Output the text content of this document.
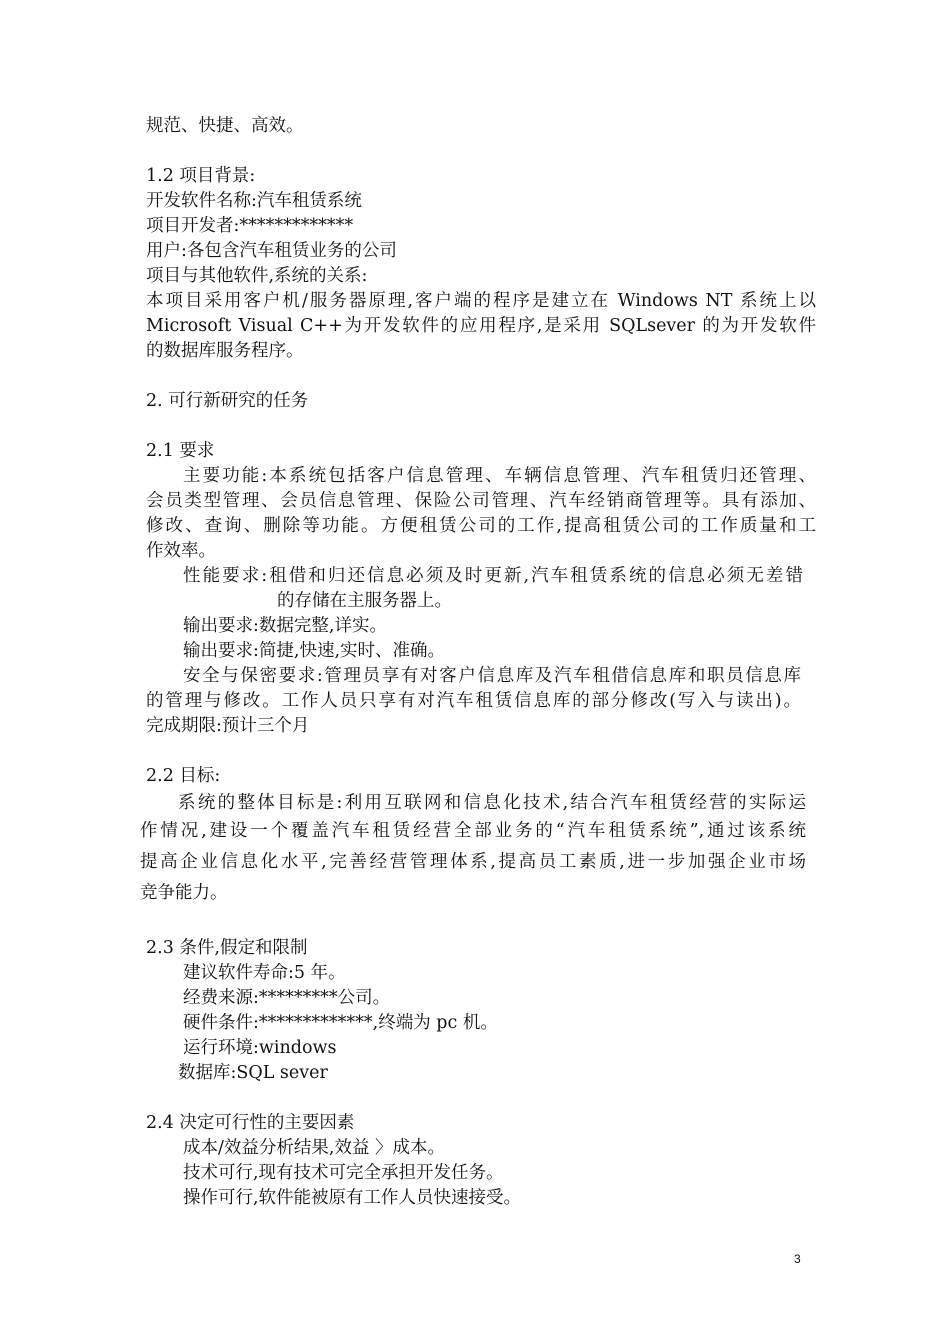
规范、快捷、高效。
1.2 项目背景:
开发软件名称:汽车租赁系统
项目开发者:*************
用户:各包含汽车租赁业务的公司
项目与其他软件,系统的关系:
本项目采用客户机/服务器原理,客户端的程序是建立在 Windows NT 系统上以
Microsoft Visual C++为开发软件的应用程序,是采用 SQLsever 的为开发软件
的数据库服务程序。
2. 可行新研究的任务
2.1 要求
主要功能:本系统包括客户信息管理、车辆信息管理、汽车租赁归还管理、
会员类型管理、会员信息管理、保险公司管理、汽车经销商管理等。具有添加、
修改、查询、删除等功能。方便租赁公司的工作,提高租赁公司的工作质量和工
作效率。
性能要求:租借和归还信息必须及时更新,汽车租赁系统的信息必须无差错
的存储在主服务器上。
输出要求:数据完整,详实。
输出要求:简捷,快速,实时、准确。
安全与保密要求:管理员享有对客户信息库及汽车租借信息库和职员信息库
的管理与修改。工作人员只享有对汽车租赁信息库的部分修改(写入与读出)。
完成期限:预计三个月
2.2 目标:
系统的整体目标是:利用互联网和信息化技术,结合汽车租赁经营的实际运
作情况,建设一个覆盖汽车租赁经营全部业务的“汽车租赁系统”,通过该系统
提高企业信息化水平,完善经营管理体系,提高员工素质,进一步加强企业市场
竞争能力。
2.3 条件,假定和限制
建议软件寿命:5 年。
经费来源:*********公司。
硬件条件:*************,终端为 pc 机。
运行环境:windows
数据库:SQL sever
2.4 决定可行性的主要因素
成本/效益分析结果,效益 〉成本。
技术可行,现有技术可完全承担开发任务。
操作可行,软件能被原有工作人员快速接受。
3
